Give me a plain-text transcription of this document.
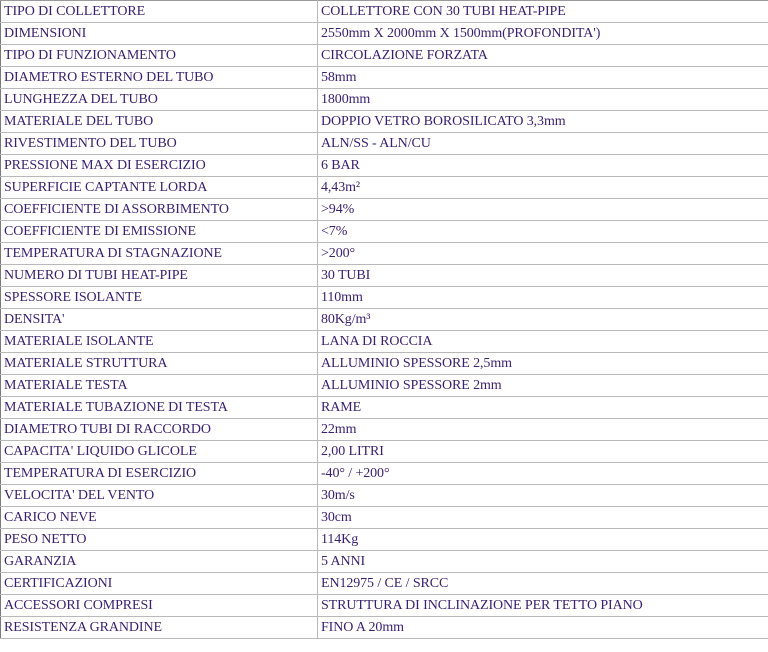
TIPO DI COLLETTORE	COLLETTORE CON 30 TUBI HEAT-PIPE
DIMENSIONI	2550mm X 2000mm X 1500mm(PROFONDITA')
TIPO DI FUNZIONAMENTO	CIRCOLAZIONE FORZATA
DIAMETRO ESTERNO DEL TUBO	58mm
LUNGHEZZA DEL TUBO	1800mm
MATERIALE DEL TUBO	DOPPIO VETRO BOROSILICATO 3,3mm
RIVESTIMENTO DEL TUBO	ALN/SS - ALN/CU
PRESSIONE MAX DI ESERCIZIO	6 BAR
SUPERFICIE CAPTANTE LORDA	4,43m²
COEFFICIENTE DI ASSORBIMENTO	>94%
COEFFICIENTE DI EMISSIONE	<7%
TEMPERATURA DI STAGNAZIONE	>200°
NUMERO DI TUBI HEAT-PIPE	30 TUBI
SPESSORE ISOLANTE	110mm
DENSITA'	80Kg/m³
MATERIALE ISOLANTE	LANA DI ROCCIA
MATERIALE STRUTTURA	ALLUMINIO SPESSORE 2,5mm
MATERIALE TESTA	ALLUMINIO SPESSORE 2mm
MATERIALE TUBAZIONE DI TESTA	RAME
DIAMETRO TUBI DI RACCORDO	22mm
CAPACITA' LIQUIDO GLICOLE	2,00 LITRI
TEMPERATURA DI ESERCIZIO	-40° / +200°
VELOCITA' DEL VENTO	30m/s
CARICO NEVE	30cm
PESO NETTO	114Kg
GARANZIA	5 ANNI
CERTIFICAZIONI	EN12975 / CE / SRCC
ACCESSORI COMPRESI	STRUTTURA DI INCLINAZIONE PER TETTO PIANO
RESISTENZA GRANDINE	FINO A 20mm
